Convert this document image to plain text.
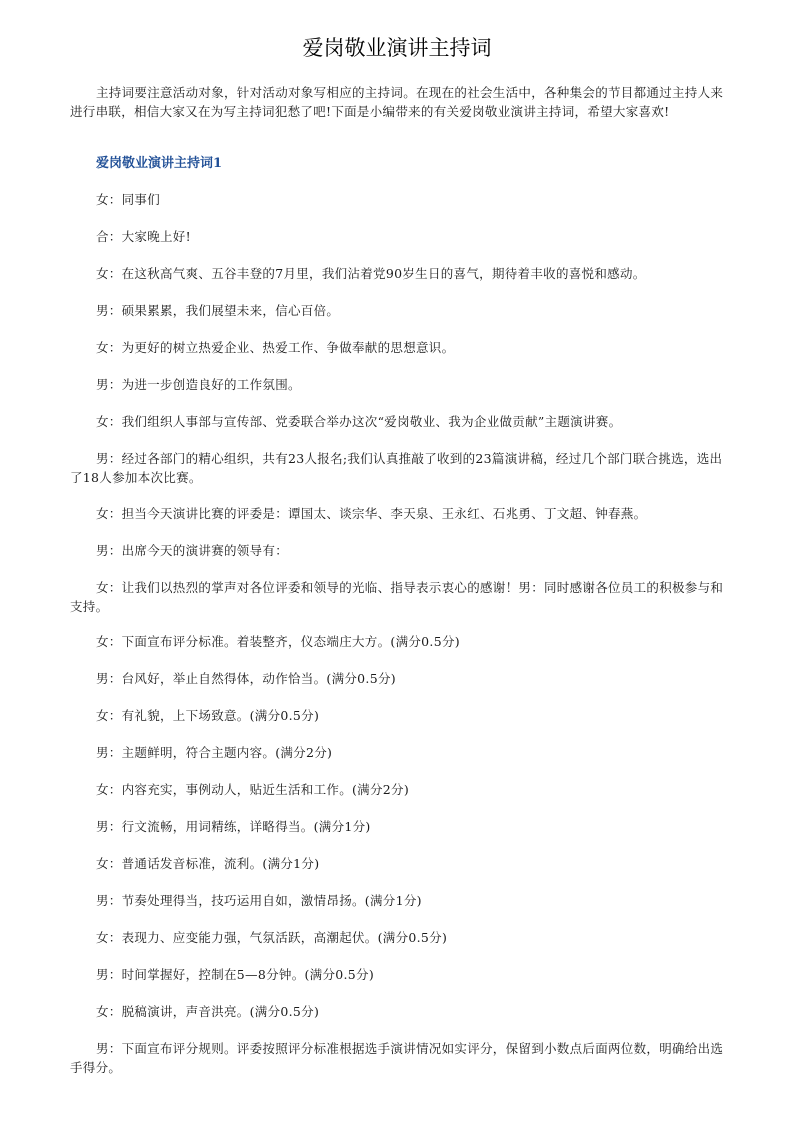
爱岗敬业演讲主持词
主持词要注意活动对象，针对活动对象写相应的主持词。在现在的社会生活中，各种集会的节目都通过主持人来进行串联，相信大家又在为写主持词犯愁了吧!下面是小编带来的有关爱岗敬业演讲主持词，希望大家喜欢!
爱岗敬业演讲主持词1
女：同事们
合：大家晚上好!
女：在这秋高气爽、五谷丰登的7月里，我们沾着党90岁生日的喜气，期待着丰收的喜悦和感动。
男：硕果累累，我们展望未来，信心百倍。
女：为更好的树立热爱企业、热爱工作、争做奉献的思想意识。
男：为进一步创造良好的工作氛围。
女：我们组织人事部与宣传部、党委联合举办这次“爱岗敬业、我为企业做贡献”主题演讲赛。
男：经过各部门的精心组织，共有23人报名;我们认真推敲了收到的23篇演讲稿，经过几个部门联合挑选，选出了18人参加本次比赛。
女：担当今天演讲比赛的评委是：谭国太、谈宗华、李天泉、王永红、石兆勇、丁文超、钟春燕。
男：出席今天的演讲赛的领导有：
女：让我们以热烈的掌声对各位评委和领导的光临、指导表示衷心的感谢！男：同时感谢各位员工的积极参与和支持。
女：下面宣布评分标准。着装整齐，仪态端庄大方。(满分0.5分)
男：台风好，举止自然得体，动作恰当。(满分0.5分)
女：有礼貌，上下场致意。(满分0.5分)
男：主题鲜明，符合主题内容。(满分2分)
女：内容充实，事例动人，贴近生活和工作。(满分2分)
男：行文流畅，用词精练，详略得当。(满分1分)
女：普通话发音标准，流利。(满分1分)
男：节奏处理得当，技巧运用自如，激情昂扬。(满分1分)
女：表现力、应变能力强，气氛活跃，高潮起伏。(满分0.5分)
男：时间掌握好，控制在5—8分钟。(满分0.5分)
女：脱稿演讲，声音洪亮。(满分0.5分)
男：下面宣布评分规则。评委按照评分标准根据选手演讲情况如实评分，保留到小数点后面两位数，明确给出选手得分。
